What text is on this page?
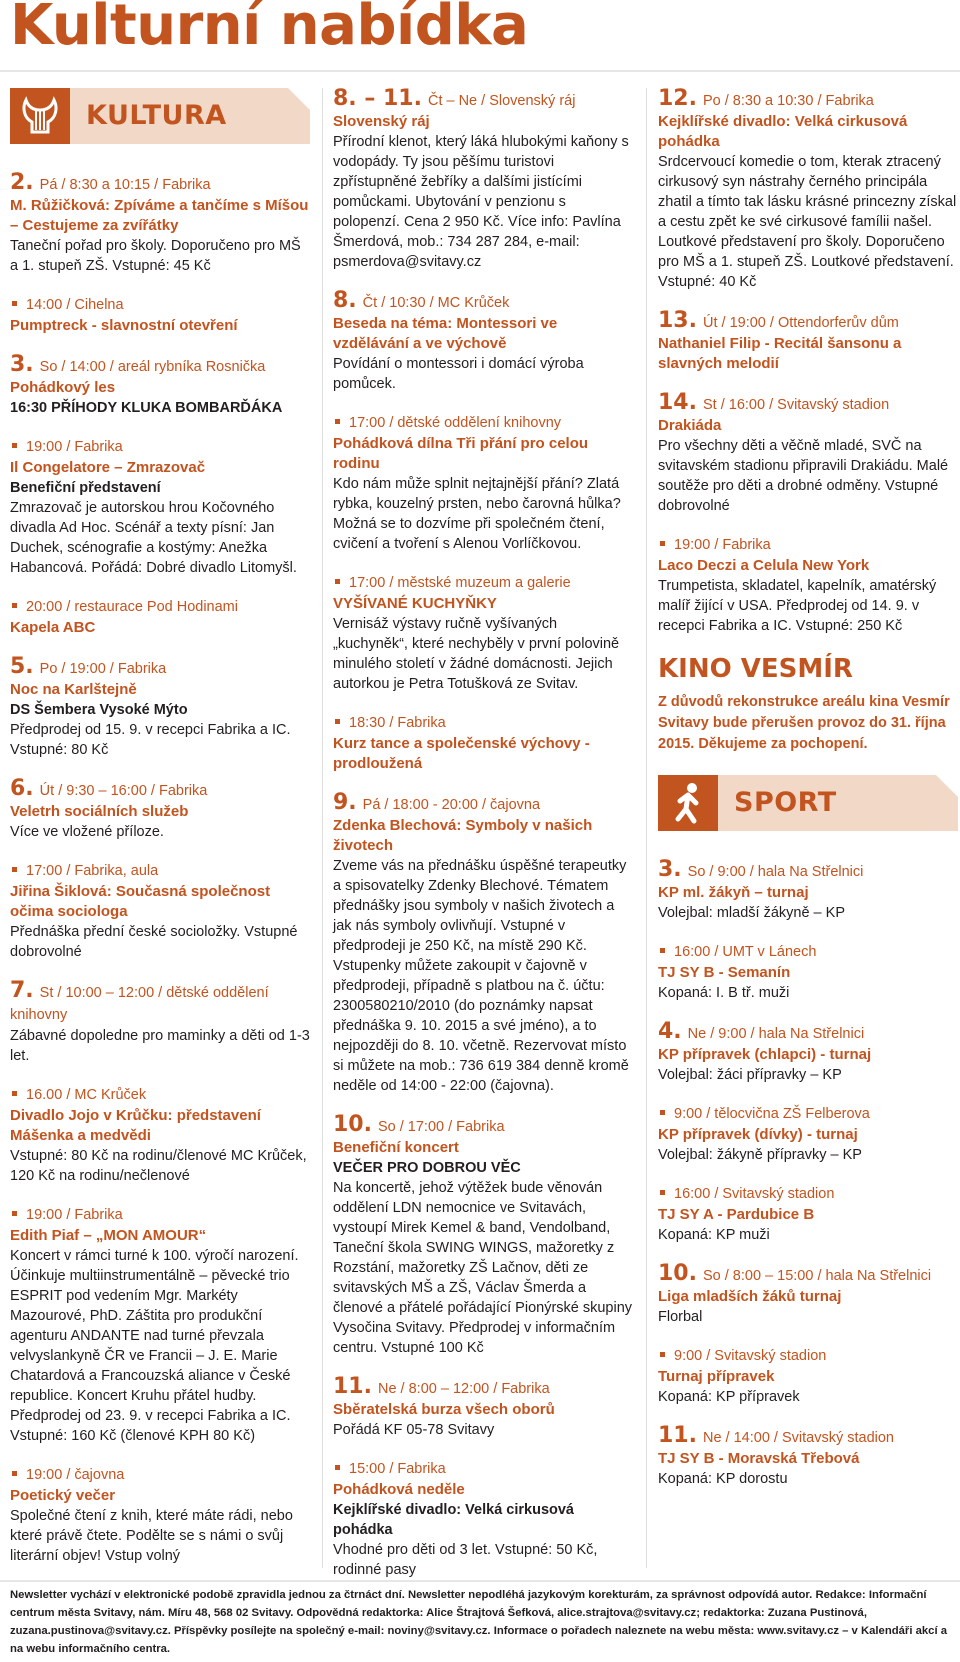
Kulturní nabídka
KULTURA
2. Pá / 8:30 a 10:15 / Fabrika
M. Růžičková: Zpíváme a tančíme s Míšou – Cestujeme za zvířátky

Taneční pořad pro školy. Doporučeno pro MŠ a 1. stupeň ZŠ. Vstupné: 45 Kč

14:00 / Cihelna
Pumptreck - slavnostní otevření
3. So / 14:00 / areál rybníka Rosnička
Pohádkový les
16:30 PŘÍHODY KLUKA BOMBARĎÁKA
19:00 / Fabrika
Il Congelatore – Zmrazovač
Benefiční představení

Zmrazovač je autorskou hrou Kočovného divadla Ad Hoc. Scénář a texty písní: Jan Duchek, scénografie a kostýmy: Anežka Habancová. Pořádá: Dobré divadlo Litomyšl.

20:00 / restaurace Pod Hodinami
Kapela ABC
5. Po / 19:00 / Fabrika
Noc na Karlštejně
DS Šembera Vysoké Mýto

Předprodej od 15. 9. v recepci Fabrika a IC. Vstupné: 80 Kč

6. Út / 9:30 – 16:00 / Fabrika
Veletrh sociálních služeb

Více ve vložené příloze.

17:00 / Fabrika, aula
Jiřina Šiklová: Současná společnost očima sociologa

Přednáška přední české socioložky. Vstupné dobrovolné

7. St / 10:00 – 12:00 / dětské oddělení knihovny

Zábavné dopoledne pro maminky a děti od 1-3 let.

16.00 / MC Krůček
Divadlo Jojo v Krůčku: představení Mášenka a medvědi

Vstupné: 80 Kč na rodinu/členové MC Krůček, 120 Kč na rodinu/nečlenové

19:00 / Fabrika
Edith Piaf – „MON AMOUR“

Koncert v rámci turné k 100. výročí narození. Účinkuje multiinstrumentálně – pěvecké trio ESPRIT pod vedením Mgr. Markéty Mazourové, PhD. Záštita pro produkční agenturu ANDANTE nad turné převzala velvyslankyně ČR ve Francii – J. E. Marie Chatardová a Francouzská aliance v České republice. Koncert Kruhu přátel hudby. Předprodej od 23. 9. v recepci Fabrika a IC. Vstupné: 160 Kč (členové KPH 80 Kč)

19:00 / čajovna
Poetický večer

Společné čtení z knih, které máte rádi, nebo které právě čtete. Podělte se s námi o svůj literární objev! Vstup volný

8. – 11. Čt – Ne / Slovenský ráj
Slovenský ráj

Přírodní klenot, který láká hlubokými kaňony s vodopády. Ty jsou pěšímu turistovi zpřístupněné žebříky a dalšími jistícími pomůckami. Ubytování v penzionu s polopenzí. Cena 2 950 Kč. Více info: Pavlína Šmerdová, mob.: 734 287 284, e-mail: psmerdova@svitavy.cz

8. Čt / 10:30 / MC Krůček
Beseda na téma: Montessori ve vzdělávání a ve výchově

Povídání o montessori i domácí výroba pomůcek.

17:00 / dětské oddělení knihovny
Pohádková dílna Tři přání pro celou rodinu

Kdo nám může splnit nejtajnější přání? Zlatá rybka, kouzelný prsten, nebo čarovná hůlka? Možná se to dozvíme při společném čtení, cvičení a tvoření s Alenou Vorlíčkovou.

17:00 / městské muzeum a galerie
VYŠÍVANÉ KUCHYŇKY

Vernisáž výstavy ručně vyšívaných „kuchyněk“, které nechyběly v první polovině minulého století v žádné domácnosti. Jejich autorkou je Petra Totušková ze Svitav.

18:30 / Fabrika
Kurz tance a společenské výchovy - prodloužená
9. Pá / 18:00 - 20:00 / čajovna
Zdenka Blechová: Symboly v našich životech

Zveme vás na přednášku úspěšné terapeutky a spisovatelky Zdenky Blechové. Tématem přednášky jsou symboly v našich životech a jak nás symboly ovlivňují. Vstupné v předprodeji je 250 Kč, na místě 290 Kč. Vstupenky můžete zakoupit v čajovně v předprodeji, případně s platbou na č. účtu: 2300580210/2010 (do poznámky napsat přednáška 9. 10. 2015 a své jméno), a to nejpozději do 8. 10. včetně. Rezervovat místo si můžete na mob.: 736 619 384 denně kromě neděle od 14:00 - 22:00 (čajovna).

10. So / 17:00 / Fabrika
Benefiční koncert
VEČER PRO DOBROU VĚC

Na koncertě, jehož výtěžek bude věnován oddělení LDN nemocnice ve Svitavách, vystoupí Mirek Kemel & band, Vendolband, Taneční škola SWING WINGS, mažoretky z Rozstání, mažoretky ZŠ Lačnov, děti ze svitavských MŠ a ZŠ, Václav Šmerda a členové a přátelé pořádající Pionýrské skupiny Vysočina Svitavy. Předprodej v informačním centru. Vstupné 100 Kč

11. Ne / 8:00 – 12:00 / Fabrika
Sběratelská burza všech oborů

Pořádá KF 05-78 Svitavy

15:00 / Fabrika
Pohádková neděle
Kejklířské divadlo: Velká cirkusová pohádka

Vhodné pro děti od 3 let. Vstupné: 50 Kč, rodinné pasy

12. Po / 8:30 a 10:30 / Fabrika
Kejklířské divadlo: Velká cirkusová pohádka

Srdcervoucí komedie o tom, kterak ztracený cirkusový syn nástrahy černého principála zhatil a tímto tak lásku krásné princezny získal a cestu zpět ke své cirkusové famílii našel. Loutkové představení pro školy. Doporučeno pro MŠ a 1. stupeň ZŠ. Loutkové představení. Vstupné: 40 Kč

13. Út / 19:00 / Ottendorferův dům
Nathaniel Filip - Recitál šansonu a slavných melodií
14. St / 16:00 / Svitavský stadion
Drakiáda

Pro všechny děti a věčně mladé, SVČ na svitavském stadionu připravili Drakiádu. Malé soutěže pro děti a drobné odměny. Vstupné dobrovolné

19:00 / Fabrika
Laco Deczi a Celula New York

Trumpetista, skladatel, kapelník, amatérský malíř žijící v USA. Předprodej od 14. 9. v recepci Fabrika a IC. Vstupné: 250 Kč

KINO VESMÍR

Z důvodů rekonstrukce areálu kina Vesmír Svitavy bude přerušen provoz do 31. října 2015. Děkujeme za pochopení.

SPORT
3. So / 9:00 / hala Na Střelnici
KP ml. žákyň – turnaj

Volejbal: mladší žákyně – KP

16:00 / UMT v Lánech
TJ SY B - Semanín

Kopaná: I. B tř. muži

4. Ne / 9:00 / hala Na Střelnici
KP přípravek (chlapci) - turnaj

Volejbal: žáci přípravky – KP

9:00 / tělocvična ZŠ Felberova
KP přípravek (dívky) - turnaj

Volejbal: žákyně přípravky – KP

16:00 / Svitavský stadion
TJ SY A - Pardubice B

Kopaná: KP muži

10. So / 8:00 – 15:00 / hala Na Střelnici
Liga mladších žáků turnaj

Florbal

9:00 / Svitavský stadion
Turnaj přípravek

Kopaná: KP přípravek

11. Ne / 14:00 / Svitavský stadion
TJ SY B - Moravská Třebová

Kopaná: KP dorostu

Newsletter vychází v elektronické podobě zpravidla jednou za čtrnáct dní. Newsletter nepodléhá jazykovým korekturám, za správnost odpovídá autor. Redakce: Informační centrum města Svitavy, nám. Míru 48, 568 02 Svitavy. Odpovědná redaktorka: Alice Štrajtová Šefková, alice.strajtova@svitavy.cz; redaktorka: Zuzana Pustinová, zuzana.pustinova@svitavy.cz. Příspěvky posílejte na společný e-mail: noviny@svitavy.cz. Informace o pořadech naleznete na webu města: www.svitavy.cz – v Kalendáři akcí a na webu informačního centra.
